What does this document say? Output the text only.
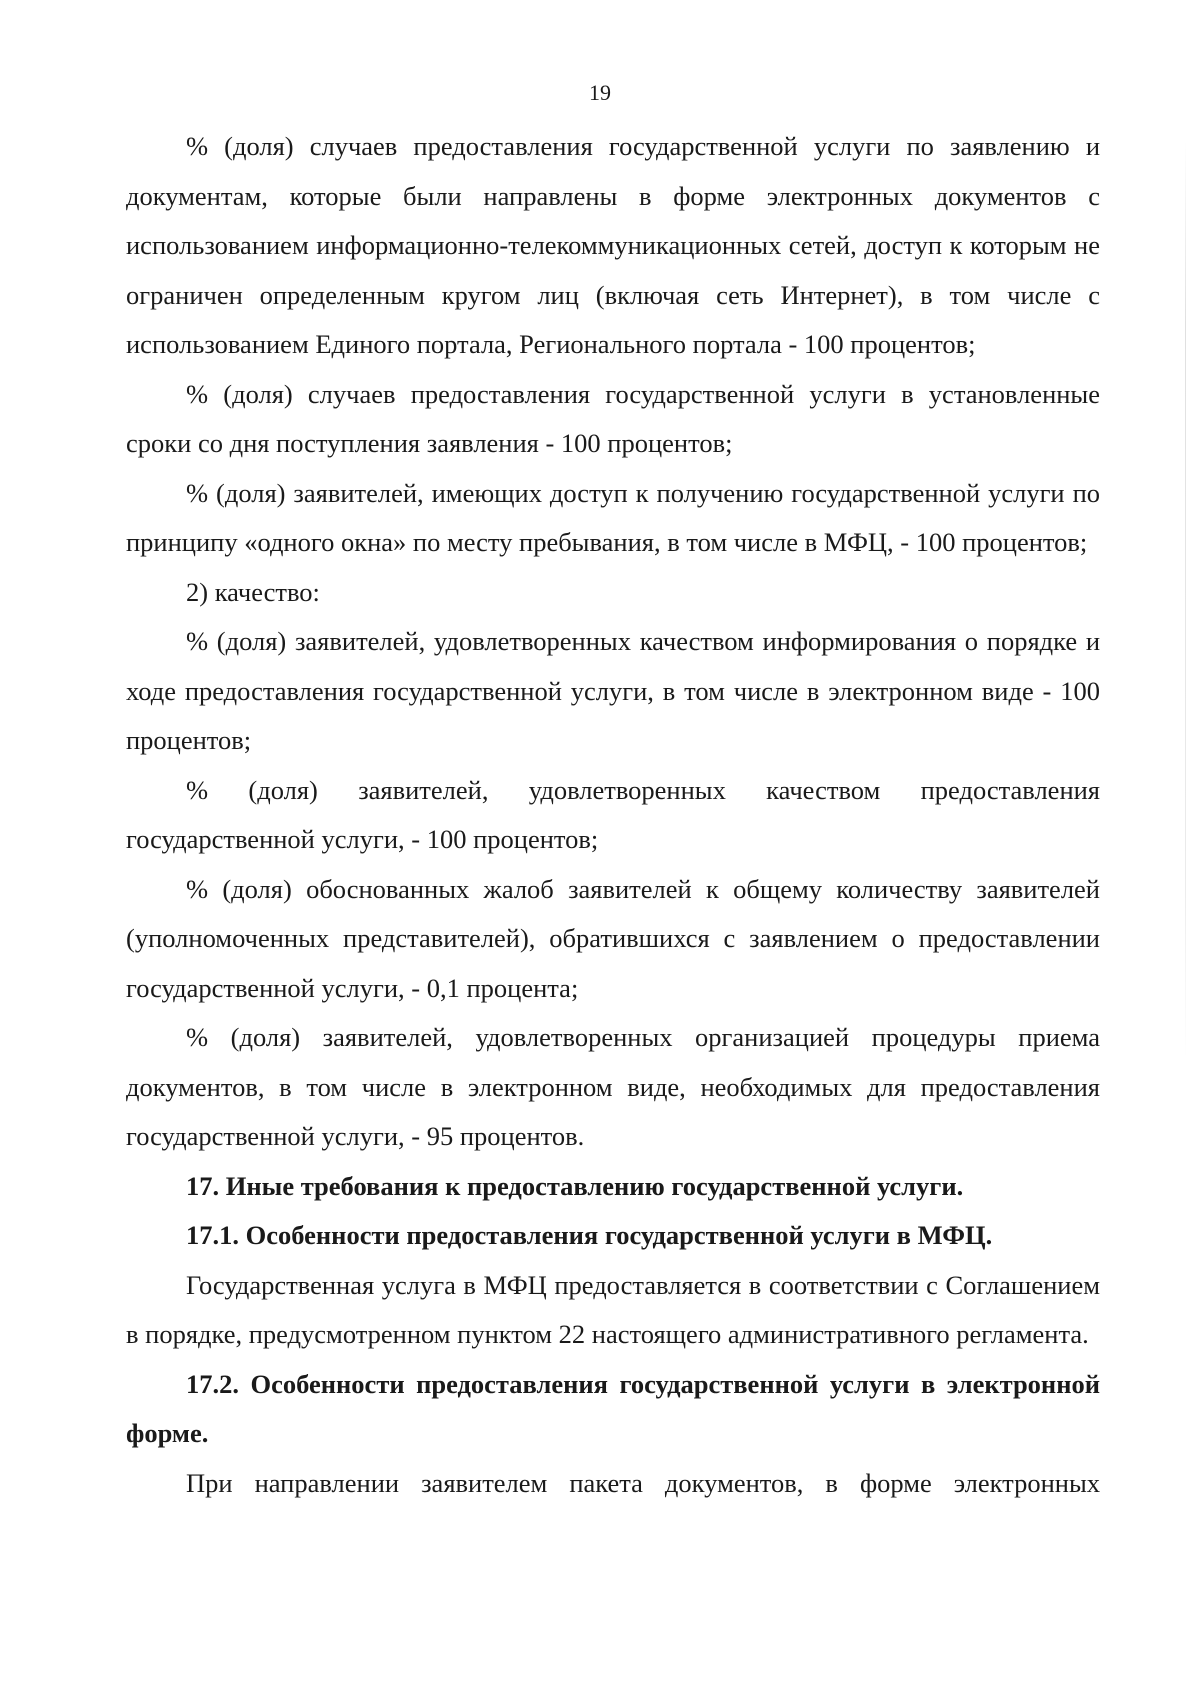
19

% (доля) случаев предоставления государственной услуги по заявлению и документам, которые были направлены в форме электронных документов с использованием информационно-телекоммуникационных сетей, доступ к которым не ограничен определенным кругом лиц (включая сеть Интернет), в том числе с использованием Единого портала, Регионального портала - 100 процентов;

% (доля) случаев предоставления государственной услуги в установленные сроки со дня поступления заявления - 100 процентов;

% (доля) заявителей, имеющих доступ к получению государственной услуги по принципу «одного окна» по месту пребывания, в том числе в МФЦ, - 100 процентов;

2) качество:

% (доля) заявителей, удовлетворенных качеством информирования о порядке и ходе предоставления государственной услуги, в том числе в электронном виде - 100 процентов;

% (доля) заявителей, удовлетворенных качеством предоставления государственной услуги, - 100 процентов;

% (доля) обоснованных жалоб заявителей к общему количеству заявителей (уполномоченных представителей), обратившихся с заявлением о предоставлении государственной услуги, - 0,1 процента;

% (доля) заявителей, удовлетворенных организацией процедуры приема документов, в том числе в электронном виде, необходимых для предоставления государственной услуги, - 95 процентов.

17. Иные требования к предоставлению государственной услуги.

17.1. Особенности предоставления государственной услуги в МФЦ.

Государственная услуга в МФЦ предоставляется в соответствии с Соглашением в порядке, предусмотренном пунктом 22 настоящего административного регламента.

17.2. Особенности предоставления государственной услуги в электронной форме.

При направлении заявителем пакета документов, в форме электронных
